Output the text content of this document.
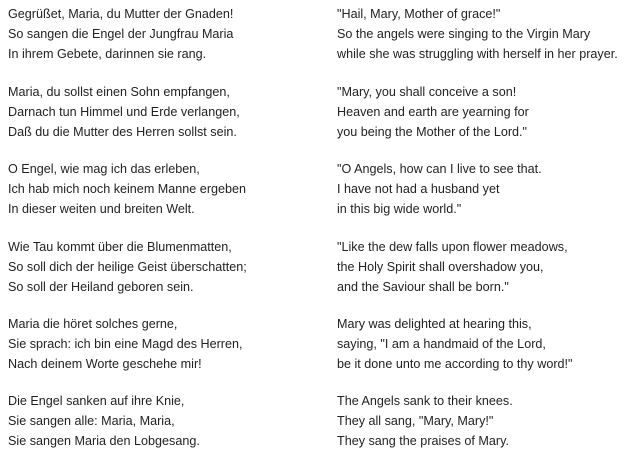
Gegrüßet, Maria, du Mutter der Gnaden!
So sangen die Engel der Jungfrau Maria
In ihrem Gebete, darinnen sie rang.
Maria, du sollst einen Sohn empfangen,
Darnach tun Himmel und Erde verlangen,
Daß du die Mutter des Herren sollst sein.
O Engel, wie mag ich das erleben,
Ich hab mich noch keinem Manne ergeben
In dieser weiten und breiten Welt.
Wie Tau kommt über die Blumenmatten,
So soll dich der heilige Geist überschatten;
So soll der Heiland geboren sein.
Maria die höret solches gerne,
Sie sprach: ich bin eine Magd des Herren,
Nach deinem Worte geschehe mir!
Die Engel sanken auf ihre Knie,
Sie sangen alle: Maria, Maria,
Sie sangen Maria den Lobgesang.
"Hail, Mary, Mother of grace!"
So the angels were singing to the Virgin Mary
while she was struggling with herself in her prayer.
"Mary, you shall conceive a son!
Heaven and earth are yearning for
you being the Mother of the Lord."
"O Angels, how can I live to see that.
I have not had a husband yet
in this big wide world."
"Like the dew falls upon flower meadows,
the Holy Spirit shall overshadow you,
and the Saviour shall be born."
Mary was delighted at hearing this,
saying, "I am a handmaid of the Lord,
be it done unto me according to thy word!"
The Angels sank to their knees.
They all sang, "Mary, Mary!"
They sang the praises of Mary.
